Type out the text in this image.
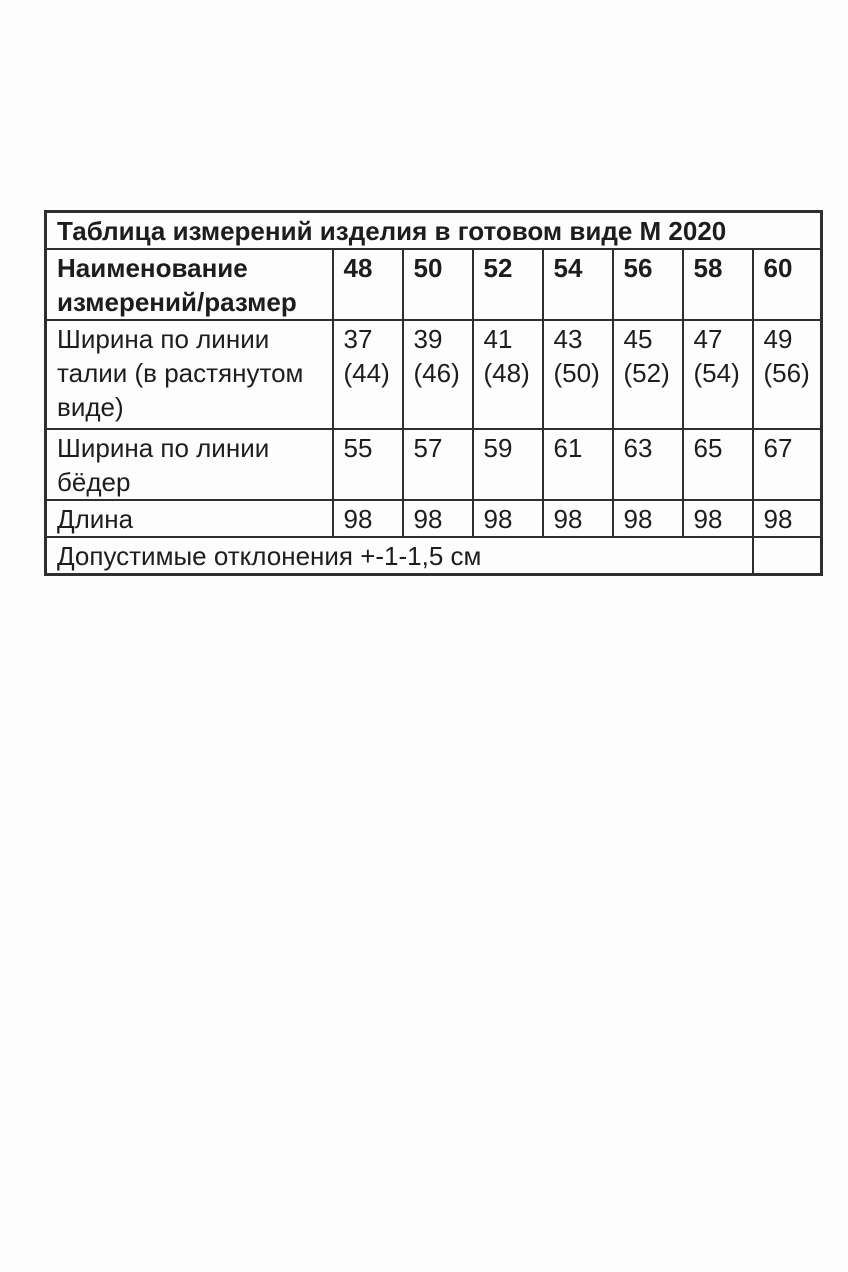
Таблица измерений изделия в готовом виде М 2020							
Наименование измерений/размер	48	50	52	54	56	58	60
Ширина по линии талии (в растянутом виде)	37 (44)	39 (46)	41 (48)	43 (50)	45 (52)	47 (54)	49 (56)
Ширина по линии бёдер	55	57	59	61	63	65	67
Длина	98	98	98	98	98	98	98
Допустимые отклонения +-1-1,5 см							
